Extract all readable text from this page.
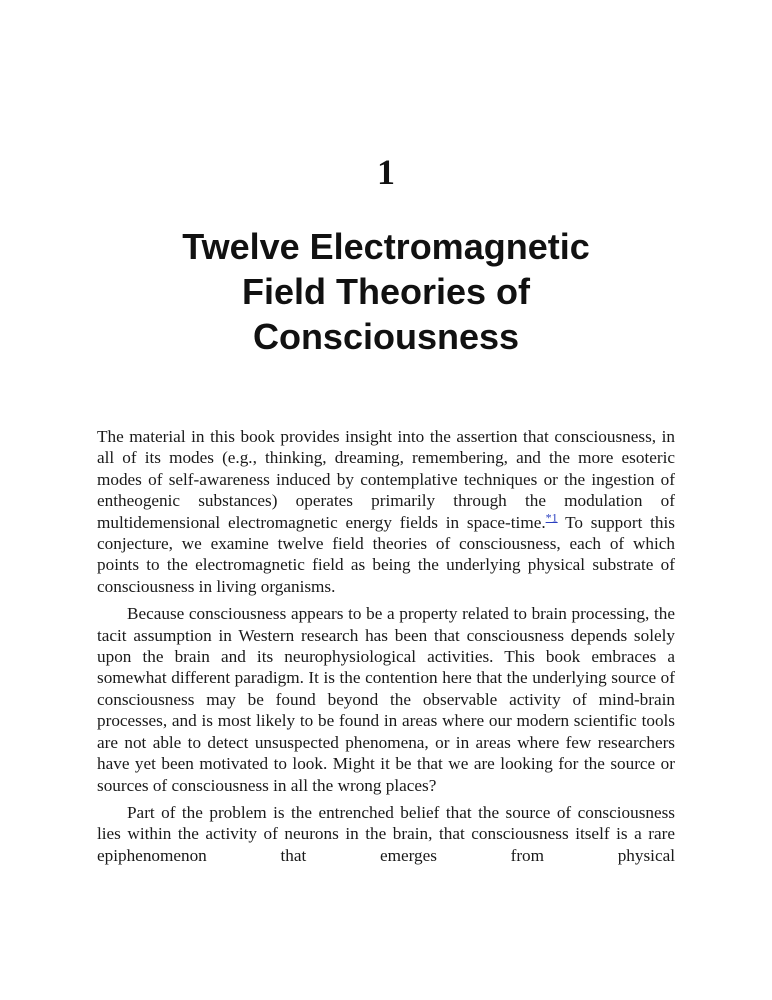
1
Twelve Electromagnetic
Field Theories of
Consciousness

The material in this book provides insight into the assertion that consciousness, in all of its modes (e.g., thinking, dreaming, remembering, and the more esoteric modes of self-awareness induced by contemplative techniques or the ingestion of entheogenic substances) operates primarily through the modulation of multidemensional electromagnetic energy fields in space-time.$^{*1}$ To support this conjecture, we examine twelve field theories of consciousness, each of which points to the electromagnetic field as being the underlying physical substrate of consciousness in living organisms.

Because consciousness appears to be a property related to brain processing, the tacit assumption in Western research has been that consciousness depends solely upon the brain and its neurophysiological activities. This book embraces a somewhat different paradigm. It is the contention here that the underlying source of consciousness may be found beyond the observable activity of mind-brain processes, and is most likely to be found in areas where our modern scientific tools are not able to detect unsuspected phenomena, or in areas where few researchers have yet been motivated to look. Might it be that we are looking for the source or sources of consciousness in all the wrong places?

Part of the problem is the entrenched belief that the source of consciousness lies within the activity of neurons in the brain, that consciousness itself is a rare epiphenomenon that emerges from physical
